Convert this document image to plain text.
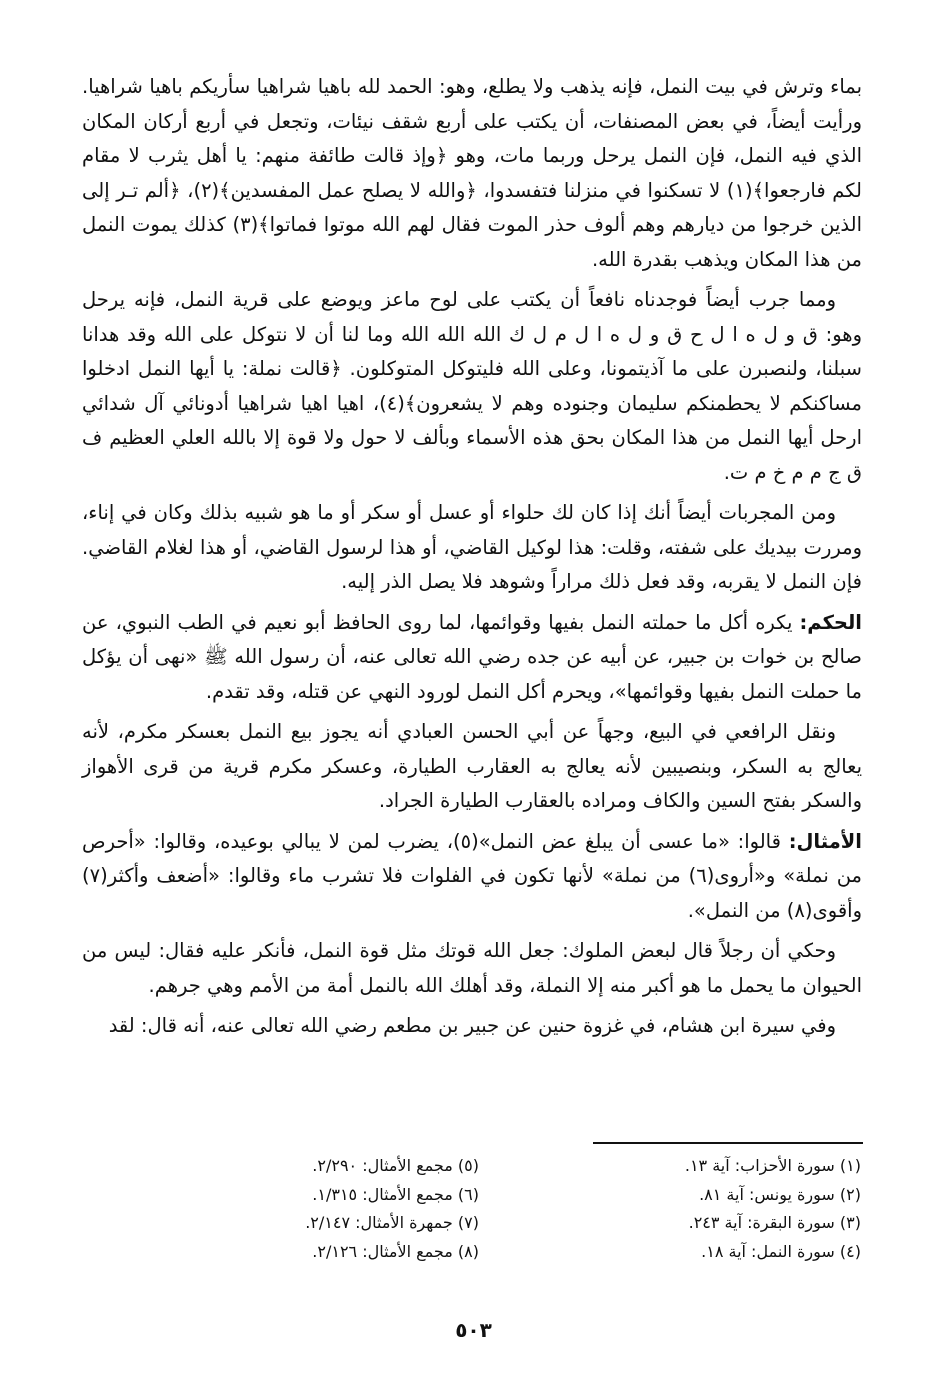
بماء وترش في بيت النمل، فإنه يذهب ولا يطلع، وهو: الحمد لله باهيا شراهيا سأريكم باهيا شراهيا. ورأيت أيضاً، في بعض المصنفات، أن يكتب على أربع شقف نيئات، وتجعل في أربع أركان المكان الذي فيه النمل، فإن النمل يرحل وربما مات، وهو ﴿وإذ قالت طائفة منهم: يا أهل يثرب لا مقام لكم فارجعوا﴾(١) لا تسكنوا في منزلنا فتفسدوا، ﴿والله لا يصلح عمل المفسدين﴾(٢)، ﴿ألم تـر إلى الذين خرجوا من ديارهم وهم ألوف حذر الموت فقال لهم الله موتوا فماتوا﴾(٣) كذلك يموت النمل من هذا المكان ويذهب بقدرة الله.

ومما جرب أيضاً فوجدناه نافعاً أن يكتب على لوح ماعز ويوضع على قرية النمل، فإنه يرحل وهو: ق و ل ه ا ل ح ق و ل ه ا ل م ل ك الله الله الله وما لنا أن لا نتوكل على الله وقد هدانا سبلنا، ولنصبرن على ما آذيتمونا، وعلى الله فليتوكل المتوكلون. ﴿قالت نملة: يا أيها النمل ادخلوا مساكنكم لا يحطمنكم سليمان وجنوده وهم لا يشعرون﴾(٤)، اهيا اهيا شراهيا أدونائي آل شدائي ارحل أيها النمل من هذا المكان بحق هذه الأسماء وبألف لا حول ولا قوة إلا بالله العلي العظيم ف ق ج م م خ م ت.

ومن المجربات أيضاً أنك إذا كان لك حلواء أو عسل أو سكر أو ما هو شبيه بذلك وكان في إناء، ومررت بيديك على شفته، وقلت: هذا لوكيل القاضي، أو هذا لرسول القاضي، أو هذا لغلام القاضي. فإن النمل لا يقربه، وقد فعل ذلك مراراً وشوهد فلا يصل الذر إليه.

الحكم: يكره أكل ما حملته النمل بفيها وقوائمها، لما روى الحافظ أبو نعيم في الطب النبوي، عن صالح بن خوات بن جبير، عن أبيه عن جده رضي الله تعالى عنه، أن رسول الله ﷺ «نهى أن يؤكل ما حملت النمل بفيها وقوائمها»، ويحرم أكل النمل لورود النهي عن قتله، وقد تقدم.

ونقل الرافعي في البيع، وجهاً عن أبي الحسن العبادي أنه يجوز بيع النمل بعسكر مكرم، لأنه يعالج به السكر، وبنصيبين لأنه يعالج به العقارب الطيارة، وعسكر مكرم قرية من قرى الأهواز والسكر بفتح السين والكاف ومراده بالعقارب الطيارة الجراد.

الأمثال: قالوا: «ما عسى أن يبلغ عض النمل»(٥)، يضرب لمن لا يبالي بوعيده، وقالوا: «أحرص من نملة» و«أروى(٦) من نملة» لأنها تكون في الفلوات فلا تشرب ماء وقالوا: «أضعف وأكثر(٧) وأقوى(٨) من النمل».

وحكي أن رجلاً قال لبعض الملوك: جعل الله قوتك مثل قوة النمل، فأنكر عليه فقال: ليس من الحيوان ما يحمل ما هو أكبر منه إلا النملة، وقد أهلك الله بالنمل أمة من الأمم وهي جرهم.

وفي سيرة ابن هشام، في غزوة حنين عن جبير بن مطعم رضي الله تعالى عنه، أنه قال: لقد

(١) سورة الأحزاب: آية ١٣.
(٢) سورة يونس: آية ٨١.
(٣) سورة البقرة: آية ٢٤٣.
(٤) سورة النمل: آية ١٨.
(٥) مجمع الأمثال: ٢/٢٩٠.
(٦) مجمع الأمثال: ١/٣١٥.
(٧) جمهرة الأمثال: ٢/١٤٧.
(٨) مجمع الأمثال: ٢/١٢٦.
٥٠٣
